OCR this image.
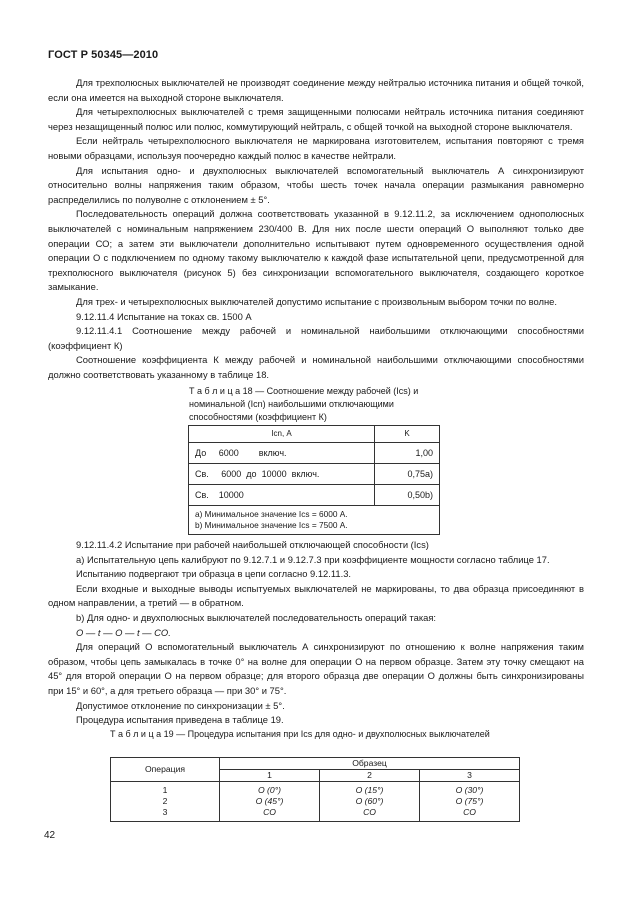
ГОСТ Р 50345—2010

Для трехполюсных выключателей не производят соединение между нейтралью источника питания и общей точкой, если она имеется на выходной стороне выключателя.

Для четырехполюсных выключателей с тремя защищенными полюсами нейтраль источника питания соединяют через незащищенный полюс или полюс, коммутирующий нейтраль, с общей точкой на выходной стороне выключателя.

Если нейтраль четырехполюсного выключателя не маркирована изготовителем, испытания повторяют с тремя новыми образцами, используя поочередно каждый полюс в качестве нейтрали.

Для испытания одно- и двухполюсных выключателей вспомогательный выключатель А синхронизируют относительно волны напряжения таким образом, чтобы шесть точек начала операции размыкания равномерно распределились по полуволне с отклонением ± 5°.

Последовательность операций должна соответствовать указанной в 9.12.11.2, за исключением однополюсных выключателей с номинальным напряжением 230/400 В. Для них после шести операций О выполняют только две операции СО; а затем эти выключатели дополнительно испытывают путем одновременного осуществления одной операции О с подключением по одному такому выключателю к каждой фазе испытательной цепи, предусмотренной для трехполюсного выключателя (рисунок 5) без синхронизации вспомогательного выключателя, создающего короткое замыкание.

Для трех- и четырехполюсных выключателей допустимо испытание с произвольным выбором точки по волне.

9.12.11.4 Испытание на токах св. 1500 А

9.12.11.4.1 Соотношение между рабочей и номинальной наибольшими отключающими способностями (коэффициент К)

Соотношение коэффициента К между рабочей и номинальной наибольшими отключающими способностями должно соответствовать указанному в таблице 18.

Т а б л и ц а 18 — Соотношение между рабочей (Ics) и номинальной (Icn) наибольшими отключающими способностями (коэффициент К)
Icn, А	K
До     6000        включ.	1,00
Св.     6000  до  10000  включ.	0,75a)
Св.    10000	0,50b)

a) Минимальное значение Ics = 6000 А.
b) Минимальное значение Ics = 7500 А.	

9.12.11.4.2 Испытание при рабочей наибольшей отключающей способности (Ics)

а) Испытательную цепь калибруют по 9.12.7.1 и 9.12.7.3 при коэффициенте мощности согласно таблице 17.

Испытанию подвергают три образца в цепи согласно 9.12.11.3.

Если входные и выходные выводы испытуемых выключателей не маркированы, то два образца присоединяют в одном направлении, а третий — в обратном.

b) Для одно- и двухполюсных выключателей последовательность операций такая:

О — t — О — t — CO.

Для операций О вспомогательный выключатель А синхронизируют по отношению к волне напряжения таким образом, чтобы цепь замыкалась в точке 0° на волне для операции О на первом образце. Затем эту точку смещают на 45° для второй операции О на первом образце; для второго образца две операции О должны быть синхронизированы при 15° и 60°, а для третьего образца — при 30° и 75°.

Допустимое отклонение по синхронизации ± 5°.

Процедура испытания приведена в таблице 19.

Т а б л и ц а 19 — Процедура испытания при Ics для одно- и двухполюсных выключателей
Операция	Образец		
	1	2	3
1	О (0°)	О (15°)	О (30°)
2	О (45°)	О (60°)	О (75°)
3	СО	СО	СО
42
